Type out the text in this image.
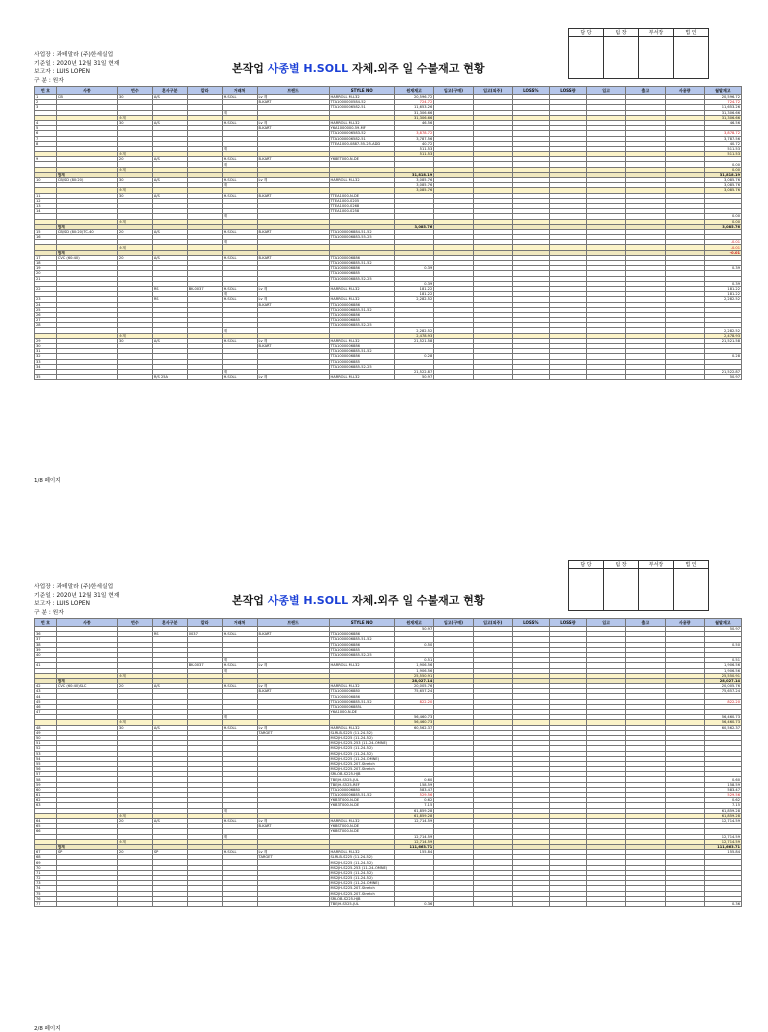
담 당	팀 장	부서장	법 인

사업장 : 과테말라 (주)한세실업
기준일 : 2020년 12월 31일 현재
보고자 : LUIS LOPEN
구 분 : 원자
본작업 사종별 H.SOLL 자체.외주 일 수불재고 현황
번 호	사종	번수	혼사구분	칼라	거래처	브랜드	STYLE NO	원재재고	입고(구매)	입고(외주)	LOSS%	LOSS량	입고	출고	사용량	월말재고
1	CB	30	A/S		H.SOLL	Lv 계	HARROLL M-L32	20,596.72								20,596.72
2						B-KART	TTA1000000584-52	724.72								724.72
3							TTA1000006582-51	11,653.26								11,653.26
					계			31,306.66								31,306.66
		소계						31,306.66								31,306.66
4		30	A/S		H.SOLL	Lv 계	HARROLL M-L32	46.56								46.56
5						B-KART	Y6A1000000-59-MF									
6							TTA1000006583-52	3,878.72								3,878.72
7							TTA1000006582-51	3,787.56								3,787.56
8							TTEA1000-0887-55-25-ADD	40.72								40.72
					계			511.53								511.53
		소계						511.53								511.53
9		20	A/S		H.SOLL	B-KART	Y68ET000-N-DE									
					계											0.00
		소계														0.00
	합계							31,818.19								31,818.19
10	CB/SD (80:20)	30	A/S		H.SOLL	Lv 계	HARROLL M-L32	3,085.76								3,085.76
					계			3,085.76								3,085.76
		소계						3,085.76								3,085.76
11		30	A/S		H.SOLL	B-KART	TTEA1000-N-DE									
12							TTEA1000-0205									
13							TTEA1000-0268									
14							TTEA1000-0258									
					계											0.00
		소계														0.00
	합계							3,085.76								3,085.76
15	CB/SD (80:20)TC-40	20	A/S		H.SOLL	B-KART	TTA1000006884-51-52									
16							TTA1000006883-55-25									
					계											-0.01
		소계														-0.01
	합계															-0.01
17	CVC (60:40)	20	A/S		H.SOLL	B-KART	TTA1000006886									
18							TTA1000006885-51-52									
19							TTA1000006886	0.39								0.39
20							TTA1000006885									
21							TTA1000006885-52-25									
								0.39								0.39
22			RS	BK-0037	H.SOLL	Lv 계	HARROLL M-L32	181.22								181.22
					계			181.22								181.22
23			RS		H.SOLL	Lv 계	HARROLL M-L32	2,282.52								2,282.52
24						B-KART	TTA1000006886									
25							TTA1000006885-51-52									
26							TTA1000006886									
27							TTA1000006885									
28							TTA1000006885-52-25									
					계			2,282.52								2,282.52
		소계						2,478.93								2,478.93
29		30	A/S		H.SOLL	Lv 계	HARROLL M-L32	21,521.58								21,521.58
30						B-KART	TTA1000006886									
31							TTA1000006885-51-52									
32							TTA1000006886	0.28								0.28
33							TTA1000006885									
34							TTA1000006885-52-25									
					계			21,522.87								21,522.87
35			R/S 25A		H.SOLL	Lv 계	HARROLL M-L32	50.97								50.97
1/8 페이지
담 당	팀 장	부서장	법 인

사업장 : 과테말라 (주)한세실업
기준일 : 2020년 12월 31일 현재
보고자 : LUIS LOPEN
구 분 : 원자
본작업 사종별 H.SOLL 자체.외주 일 수불재고 현황
번 호	사종	번수	혼사구분	칼라	거래처	브랜드	STYLE NO	원재재고	입고(구매)	입고(외주)	LOSS%	LOSS량	입고	출고	사용량	월말재고
								50.97								50.97
36			RS	0037	H.SOLL	B-KART	TTA1000006886									
37							TTA1000006885-51-52									
38							TTA1000006886	0.50								0.50
39							TTA1000006885									
40							TTA1000006885-52-25									
					계			0.51								0.51
41				BK-0037	H.SOLL	Lv 계	HARROLL M-L32	1,906.56								1,906.56
					계			1,906.56								1,906.56
		소계						25,550.91								25,550.91
	합계							28,027.14								28,027.14
42	CVC (60:40)SLC	20	A/S		H.SOLL	Lv 계	HARROLL M-L32	20,005.76								20,005.76
43						B-KART	TTA1000006880	75,657.24								75,657.24
44							TTA1000006886									
45							TTA1000006885-51-52	822.20								822.20
46							TTA1000006885L									
47							Y6A1000-N-DE									
					계			56,460.73								56,460.73
		소계						56,460.73								56,460.73
48		30	A/S		H.SOLL	Lv 계	HARROLL M-L32	60,562.37								60,562.37
49						TARGET	SLRLB-S225 (11-24-52)									
50							MS2JH-S225 (11-24-52)									
51							MS2JH-S225-253 (11-24-OMNE)									
52							MS2JH-S225 (11-24-52)									
53							MS2JH-S225 (11-24-52)									
54							MS2JH-S225 (11-24-OMNE)									
55							MS2JH-S225-207-Stretch									
56							MS2JH-S225-207-Stretch									
57							SRLOB-S225-HJB									
58							TBEJH-S525-JUL	0.60								0.60
59							TBEJH-S525-REF	158.59								158.59
60							TTA1000006880	583.47								583.47
61							TTA1000006885-51-52	529.56								529.56
62							Y6B3T000-N-DE	0.62								0.62
63							Y6B3T000-N-DE	7.15								7.15
					계			61,859.28								61,859.28
		소계						61,859.28								61,859.28
64		20	A/S		H.SOLL	Lv 계	HARROLL M-L32	12,714.59								12,714.59
65						B-KART	Y6BST000-N-DE									
66							Y6BST000-N-DE									
					계			12,714.59								12,714.59
		소계						12,714.59								12,714.59
	합계							111,663.71								111,663.71
67	SP	20	SP		H.SOLL	Lv 계	HARROLL M-L32	155.84								155.84
68						TARGET	SLRLB-S225 (11-24-52)									
69							MS2JH-S225 (11-24-52)									
70							MS2JH-S225-253 (11-24-OMNE)									
71							MS2JH-S225 (11-24-52)									
72							MS2JH-S225 (11-24-52)									
73							MS2JH-S225 (11-24-OMNE)									
74							MS2JH-S225-207-Stretch									
75							MS2JH-S225-207-Stretch									
76							SRLOB-S225-HJB									
77							TBEJH-S525-JUL	0.36								0.36
2/8 페이지
